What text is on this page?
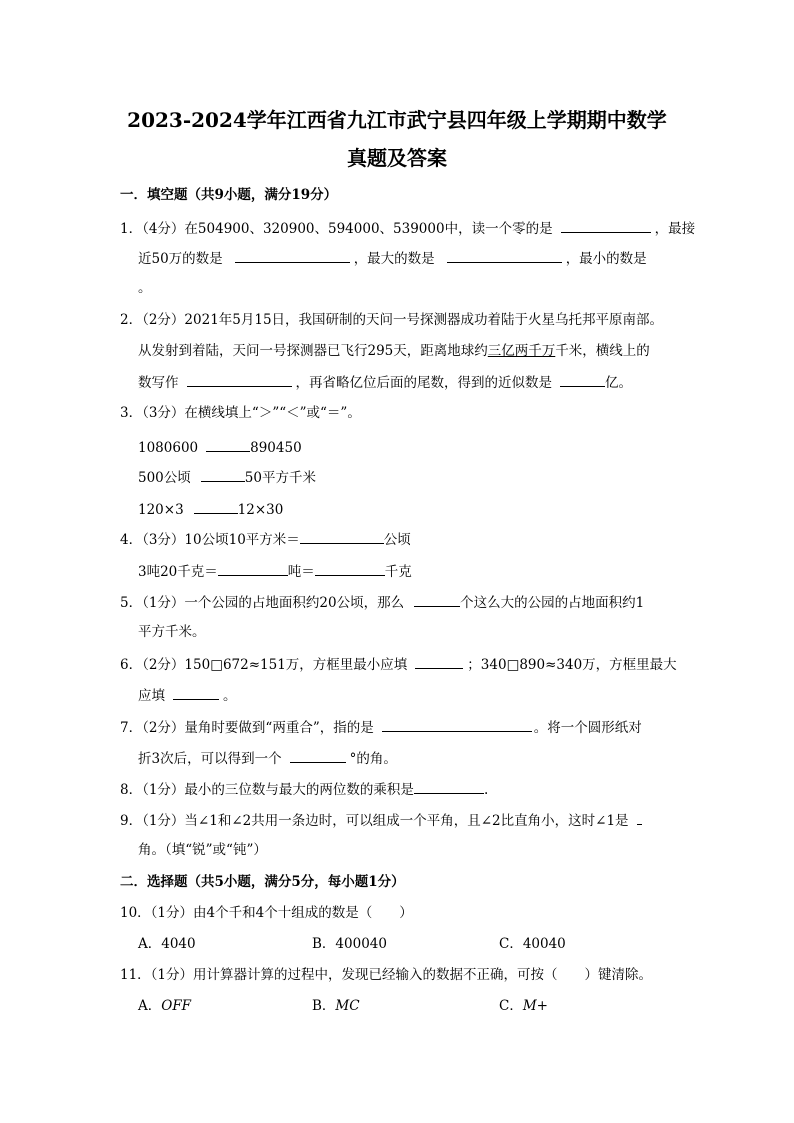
2023-2024学年江西省九江市武宁县四年级上学期期中数学
真题及答案
一．填空题（共9小题，满分19分）
1．（4分）在504900、320900、594000、539000中，读一个零的是	，最接
近50万的数是	，最大的数是	，最小的数是
。
2．（2分）2021年5月15日，我国研制的天问一号探测器成功着陆于火星乌托邦平原南部。
从发射到着陆，天问一号探测器已飞行295天，距离地球约三亿两千万千米，横线上的
数写作	，再省略亿位后面的尾数，得到的近似数是	亿。
3．（3分）在横线填上“＞”“＜”或“＝”。
1080600	890450
500公顷	50平方千米
120×3	12×30
4．（3分）10公顷10平方米＝	公顷
3吨20千克＝	吨＝	千克
5．（1分）一个公园的占地面积约20公顷，那么	个这么大的公园的占地面积约1
平方千米。
6．（2分）150□672≈151万，方框里最小应填	；340□890≈340万，方框里最大
应填	。
7．（2分）量角时要做到“两重合”，指的是	。将一个圆形纸对
折3次后，可以得到一个	°的角。
8．（1分）最小的三位数与最大的两位数的乘积是	.
9．（1分）当∠1和∠2共用一条边时，可以组成一个平角，且∠2比直角小，这时∠1是
角。（填“锐”或“钝”）
二．选择题（共5小题，满分5分，每小题1分）
10．（1分）由4个千和4个十组成的数是（　　）
A．4040	B．400040	C．40040
11．（1分）用计算器计算的过程中，发现已经输入的数据不正确，可按（　　）键清除。
A．OFF	B．MC	C．M+
